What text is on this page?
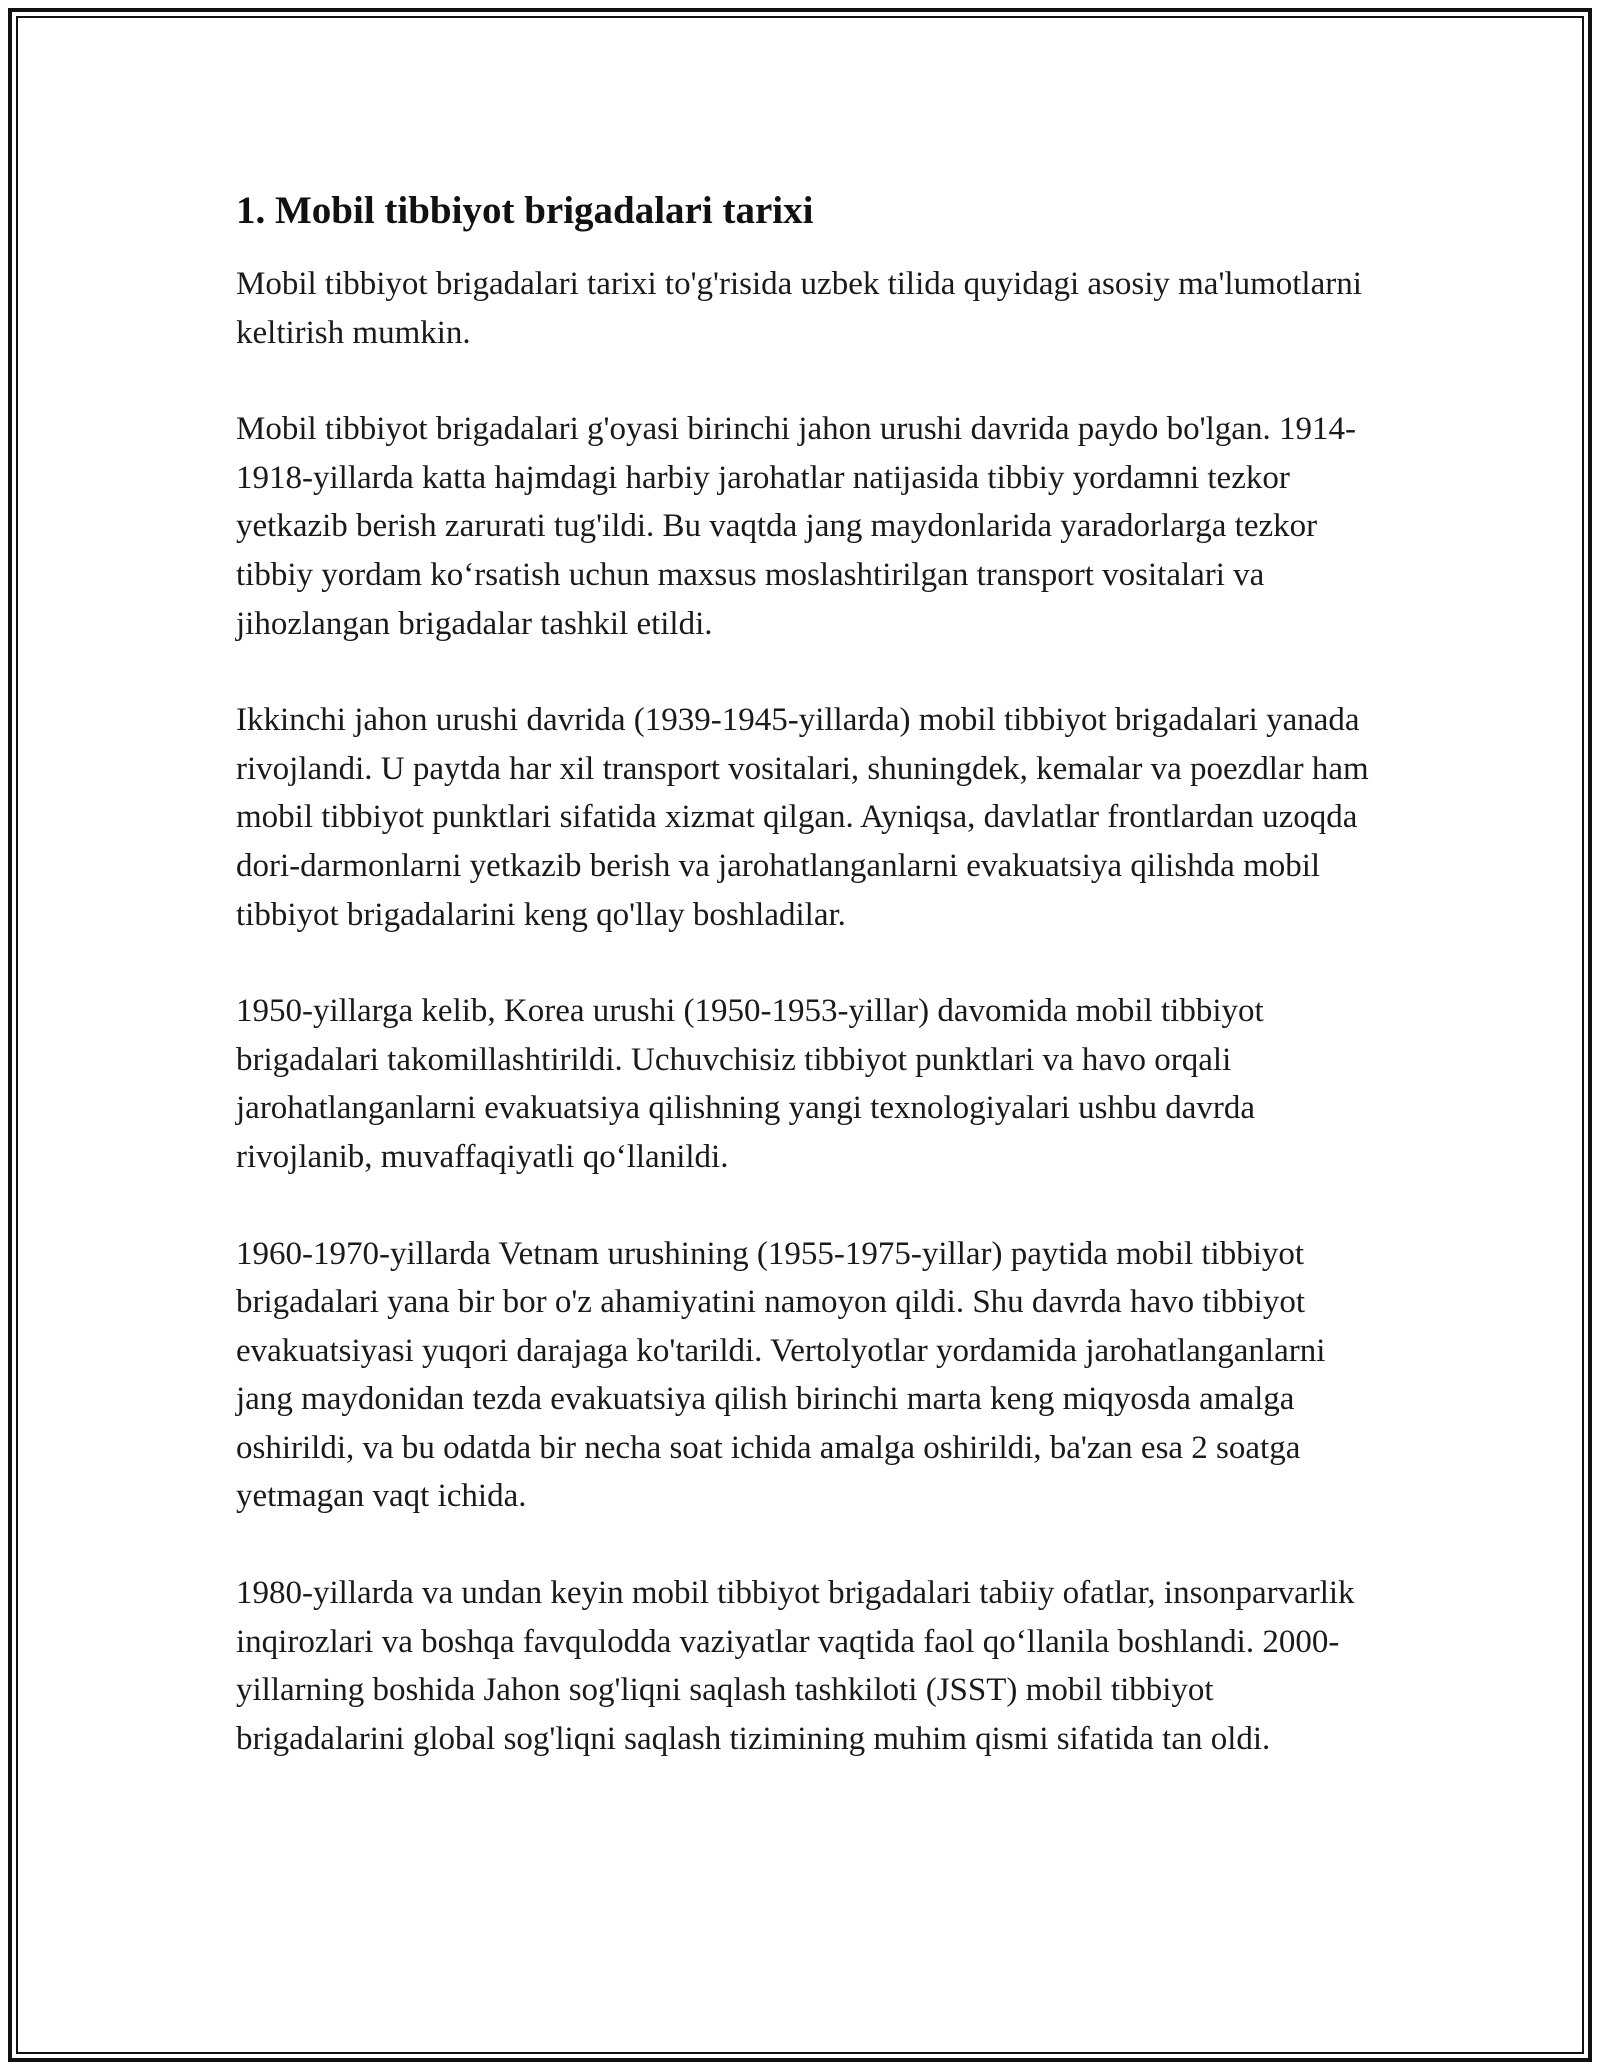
1. Mobil tibbiyot brigadalari tarixi

Mobil tibbiyot brigadalari tarixi to'g'risida uzbek tilida quyidagi asosiy ma'lumotlarni keltirish mumkin.

Mobil tibbiyot brigadalari g'oyasi birinchi jahon urushi davrida paydo bo'lgan. 1914-1918-yillarda katta hajmdagi harbiy jarohatlar natijasida tibbiy yordamni tezkor yetkazib berish zarurati tug'ildi. Bu vaqtda jang maydonlarida yaradorlarga tezkor tibbiy yordam ko‘rsatish uchun maxsus moslashtirilgan transport vositalari va jihozlangan brigadalar tashkil etildi.

Ikkinchi jahon urushi davrida (1939-1945-yillarda) mobil tibbiyot brigadalari yanada rivojlandi. U paytda har xil transport vositalari, shuningdek, kemalar va poezdlar ham mobil tibbiyot punktlari sifatida xizmat qilgan. Ayniqsa, davlatlar frontlardan uzoqda dori-darmonlarni yetkazib berish va jarohatlanganlarni evakuatsiya qilishda mobil tibbiyot brigadalarini keng qo'llay boshladilar.

1950-yillarga kelib, Korea urushi (1950-1953-yillar) davomida mobil tibbiyot brigadalari takomillashtirildi. Uchuvchisiz tibbiyot punktlari va havo orqali jarohatlanganlarni evakuatsiya qilishning yangi texnologiyalari ushbu davrda rivojlanib, muvaffaqiyatli qo‘llanildi.

1960-1970-yillarda Vetnam urushining (1955-1975-yillar) paytida mobil tibbiyot brigadalari yana bir bor o'z ahamiyatini namoyon qildi. Shu davrda havo tibbiyot evakuatsiyasi yuqori darajaga ko'tarildi. Vertolyotlar yordamida jarohatlanganlarni jang maydonidan tezda evakuatsiya qilish birinchi marta keng miqyosda amalga oshirildi, va bu odatda bir necha soat ichida amalga oshirildi, ba'zan esa 2 soatga yetmagan vaqt ichida.

1980-yillarda va undan keyin mobil tibbiyot brigadalari tabiiy ofatlar, insonparvarlik inqirozlari va boshqa favqulodda vaziyatlar vaqtida faol qo‘llanila boshlandi. 2000-yillarning boshida Jahon sog'liqni saqlash tashkiloti (JSST) mobil tibbiyot brigadalarini global sog'liqni saqlash tizimining muhim qismi sifatida tan oldi.
